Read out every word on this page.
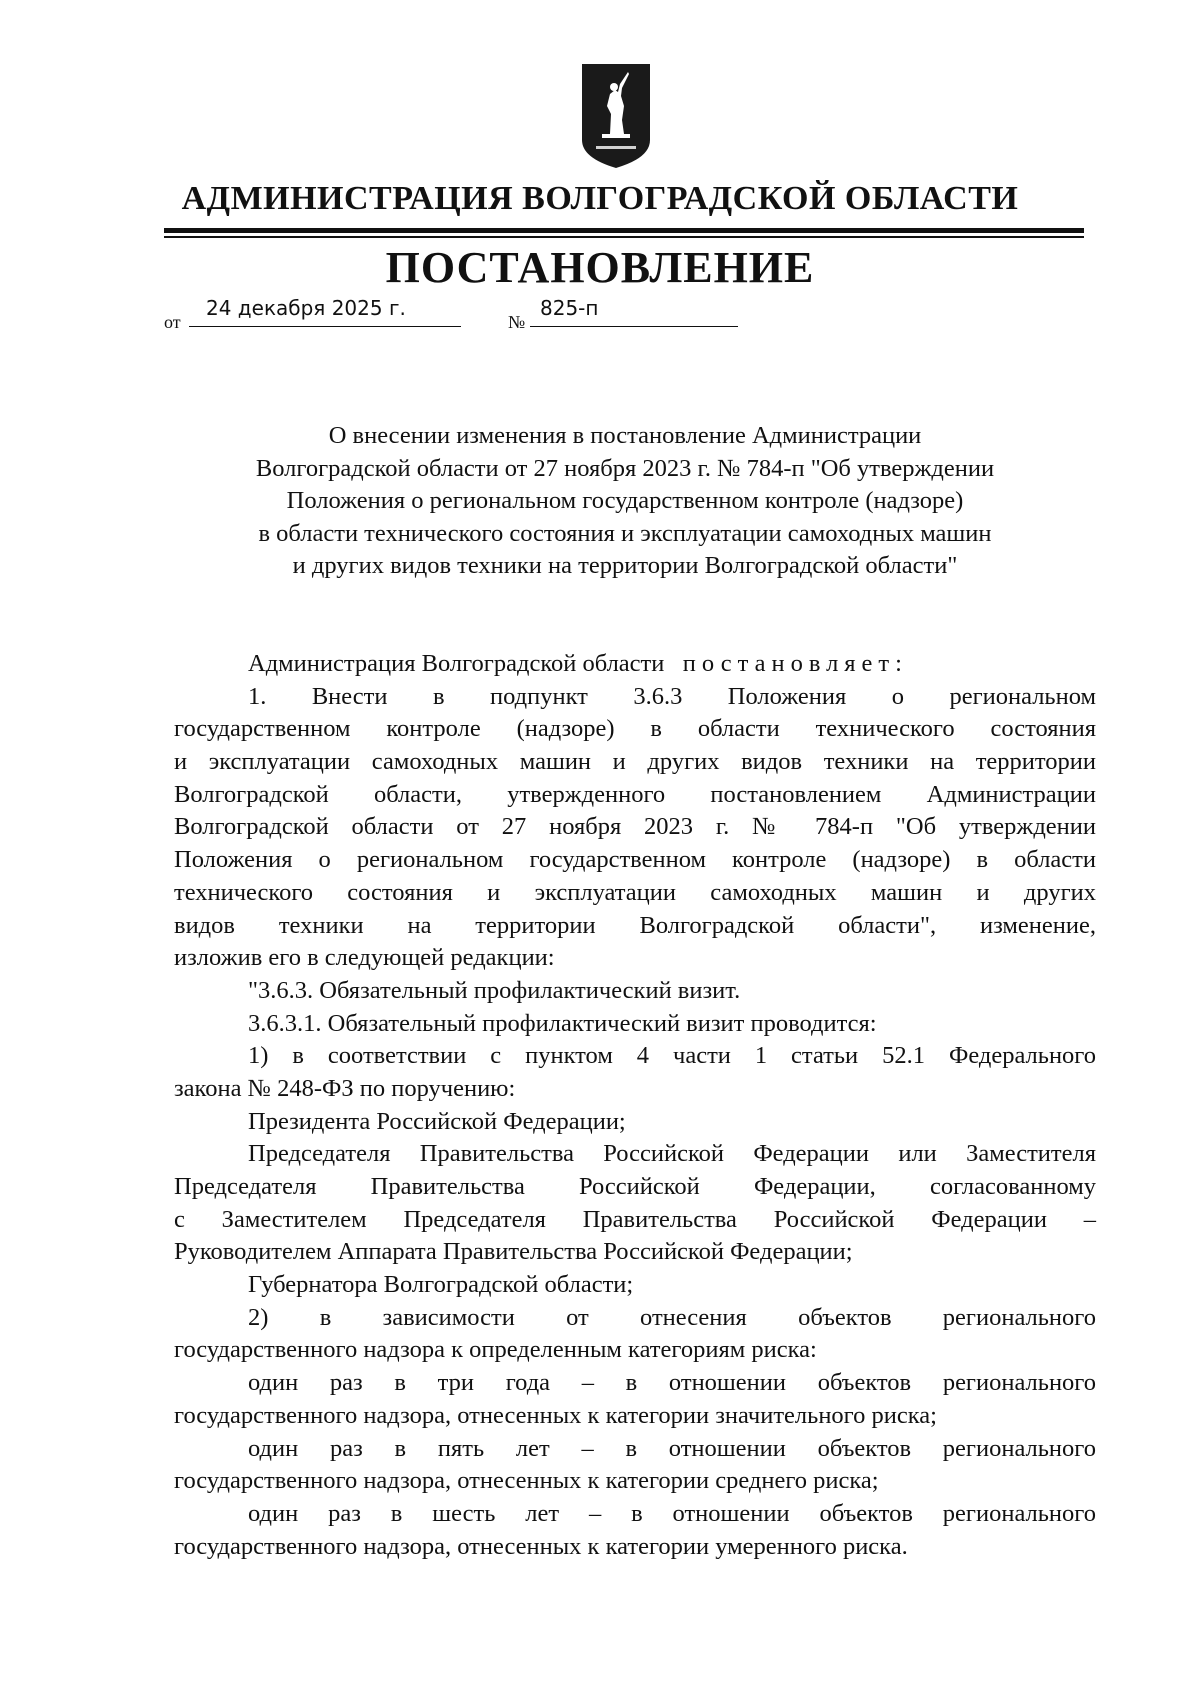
АДМИНИСТРАЦИЯ ВОЛГОГРАДСКОЙ ОБЛАСТИ
ПОСТАНОВЛЕНИЕ
от
24 декабря 2025 г.
№
825-п
О внесении изменения в постановление Администрации
Волгоградской области от 27 ноября 2023 г. № 784-п "Об утверждении
Положения о региональном государственном контроле (надзоре)
в области технического состояния и эксплуатации самоходных машин
и других видов техники на территории Волгоградской области"
Администрация Волгоградской области постановляет:
1. Внести в подпункт 3.6.3 Положения о региональном
государственном контроле (надзоре) в области технического состояния
и эксплуатации самоходных машин и других видов техники на территории
Волгоградской области, утвержденного постановлением Администрации
Волгоградской области от 27 ноября 2023 г. № 784-п "Об утверждении
Положения о региональном государственном контроле (надзоре) в области
технического состояния и эксплуатации самоходных машин и других
видов техники на территории Волгоградской области", изменение,
изложив его в следующей редакции:
"3.6.3. Обязательный профилактический визит.
3.6.3.1. Обязательный профилактический визит проводится:
1) в соответствии с пунктом 4 части 1 статьи 52.1 Федерального
закона № 248-ФЗ по поручению:
Президента Российской Федерации;
Председателя Правительства Российской Федерации или Заместителя
Председателя Правительства Российской Федерации, согласованному
с Заместителем Председателя Правительства Российской Федерации –
Руководителем Аппарата Правительства Российской Федерации;
Губернатора Волгоградской области;
2) в зависимости от отнесения объектов регионального
государственного надзора к определенным категориям риска:
один раз в три года – в отношении объектов регионального
государственного надзора, отнесенных к категории значительного риска;
один раз в пять лет – в отношении объектов регионального
государственного надзора, отнесенных к категории среднего риска;
один раз в шесть лет – в отношении объектов регионального
государственного надзора, отнесенных к категории умеренного риска.
